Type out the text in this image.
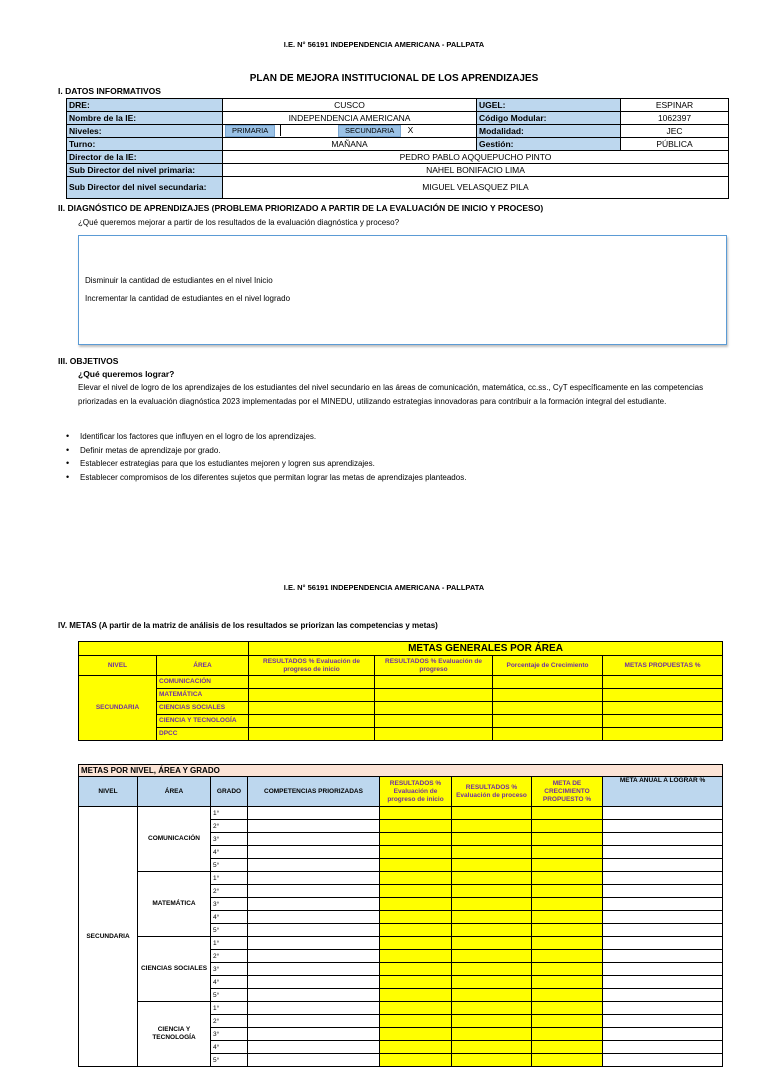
I.E. N° 56191 INDEPENDENCIA AMERICANA - PALLPATA
PLAN DE MEJORA INSTITUCIONAL DE LOS APRENDIZAJES
I. DATOS INFORMATIVOS
DRE:	CUSCO	UGEL:	ESPINAR
Nombre de la IE:	INDEPENDENCIA AMERICANA	Código Modular:	1062397
Niveles:	PRIMARIA SECUNDARIA X	Modalidad:	JEC
Turno:	MAÑANA	Gestión:	PÚBLICA
Director de la IE:	PEDRO PABLO AQQUEPUCHO PINTO		
Sub Director del nivel primaria:	NAHEL BONIFACIO LIMA		
Sub Director del nivel secundaria:	MIGUEL VELASQUEZ PILA		
II. DIAGNÓSTICO DE APRENDIZAJES (PROBLEMA PRIORIZADO A PARTIR DE LA EVALUACIÓN DE INICIO Y PROCESO)
¿Qué queremos mejorar a partir de los resultados de la evaluación diagnóstica y proceso?

Disminuir la cantidad de estudiantes en el nivel Inicio

Incrementar la cantidad de estudiantes en el nivel logrado

III. OBJETIVOS
¿Qué queremos lograr?
Elevar el nivel de logro de los aprendizajes de los estudiantes del nivel secundario en las áreas de comunicación, matemática, cc.ss., CyT específicamente en las competencias priorizadas en la evaluación diagnóstica 2023 implementadas por el MINEDU, utilizando estrategias innovadoras para contribuir a la formación integral del estudiante.
• Identificar los factores que influyen en el logro de los aprendizajes.
• Definir metas de aprendizaje por grado.
• Establecer estrategias para que los estudiantes mejoren y logren sus aprendizajes.
• Establecer compromisos de los diferentes sujetos que permitan lograr las metas de aprendizajes planteados.
I.E. N° 56191 INDEPENDENCIA AMERICANA - PALLPATA
IV. METAS (A partir de la matriz de análisis de los resultados se priorizan las competencias y metas)
		METAS GENERALES POR ÁREA			
NIVEL	ÁREA	RESULTADOS % Evaluación de progreso de inicio	RESULTADOS % Evaluación de progreso	Porcentaje de Crecimiento	METAS PROPUESTAS %
SECUNDARIA	COMUNICACIÓN				
	MATEMÁTICA				
	CIENCIAS SOCIALES				
	CIENCIA Y TECNOLOGÍA				
	DPCC				
METAS POR NIVEL, ÁREA Y GRADO							
NIVEL	ÁREA	GRADO	COMPETENCIAS PRIORIZADAS	RESULTADOS % Evaluación de progreso de inicio	RESULTADOS % Evaluación de proceso	META DE CRECIMIENTO PROPUESTO %	META ANUAL A LOGRAR %
SECUNDARIA	COMUNICACIÓN	1°					
		2°					
		3°					
		4°					
		5°					
	MATEMÁTICA	1°					
		2°					
		3°					
		4°					
		5°					
	CIENCIAS SOCIALES	1°					
		2°					
		3°					
		4°					
		5°					
	CIENCIA Y TECNOLOGÍA	1°					
		2°					
		3°					
		4°					
		5°					
